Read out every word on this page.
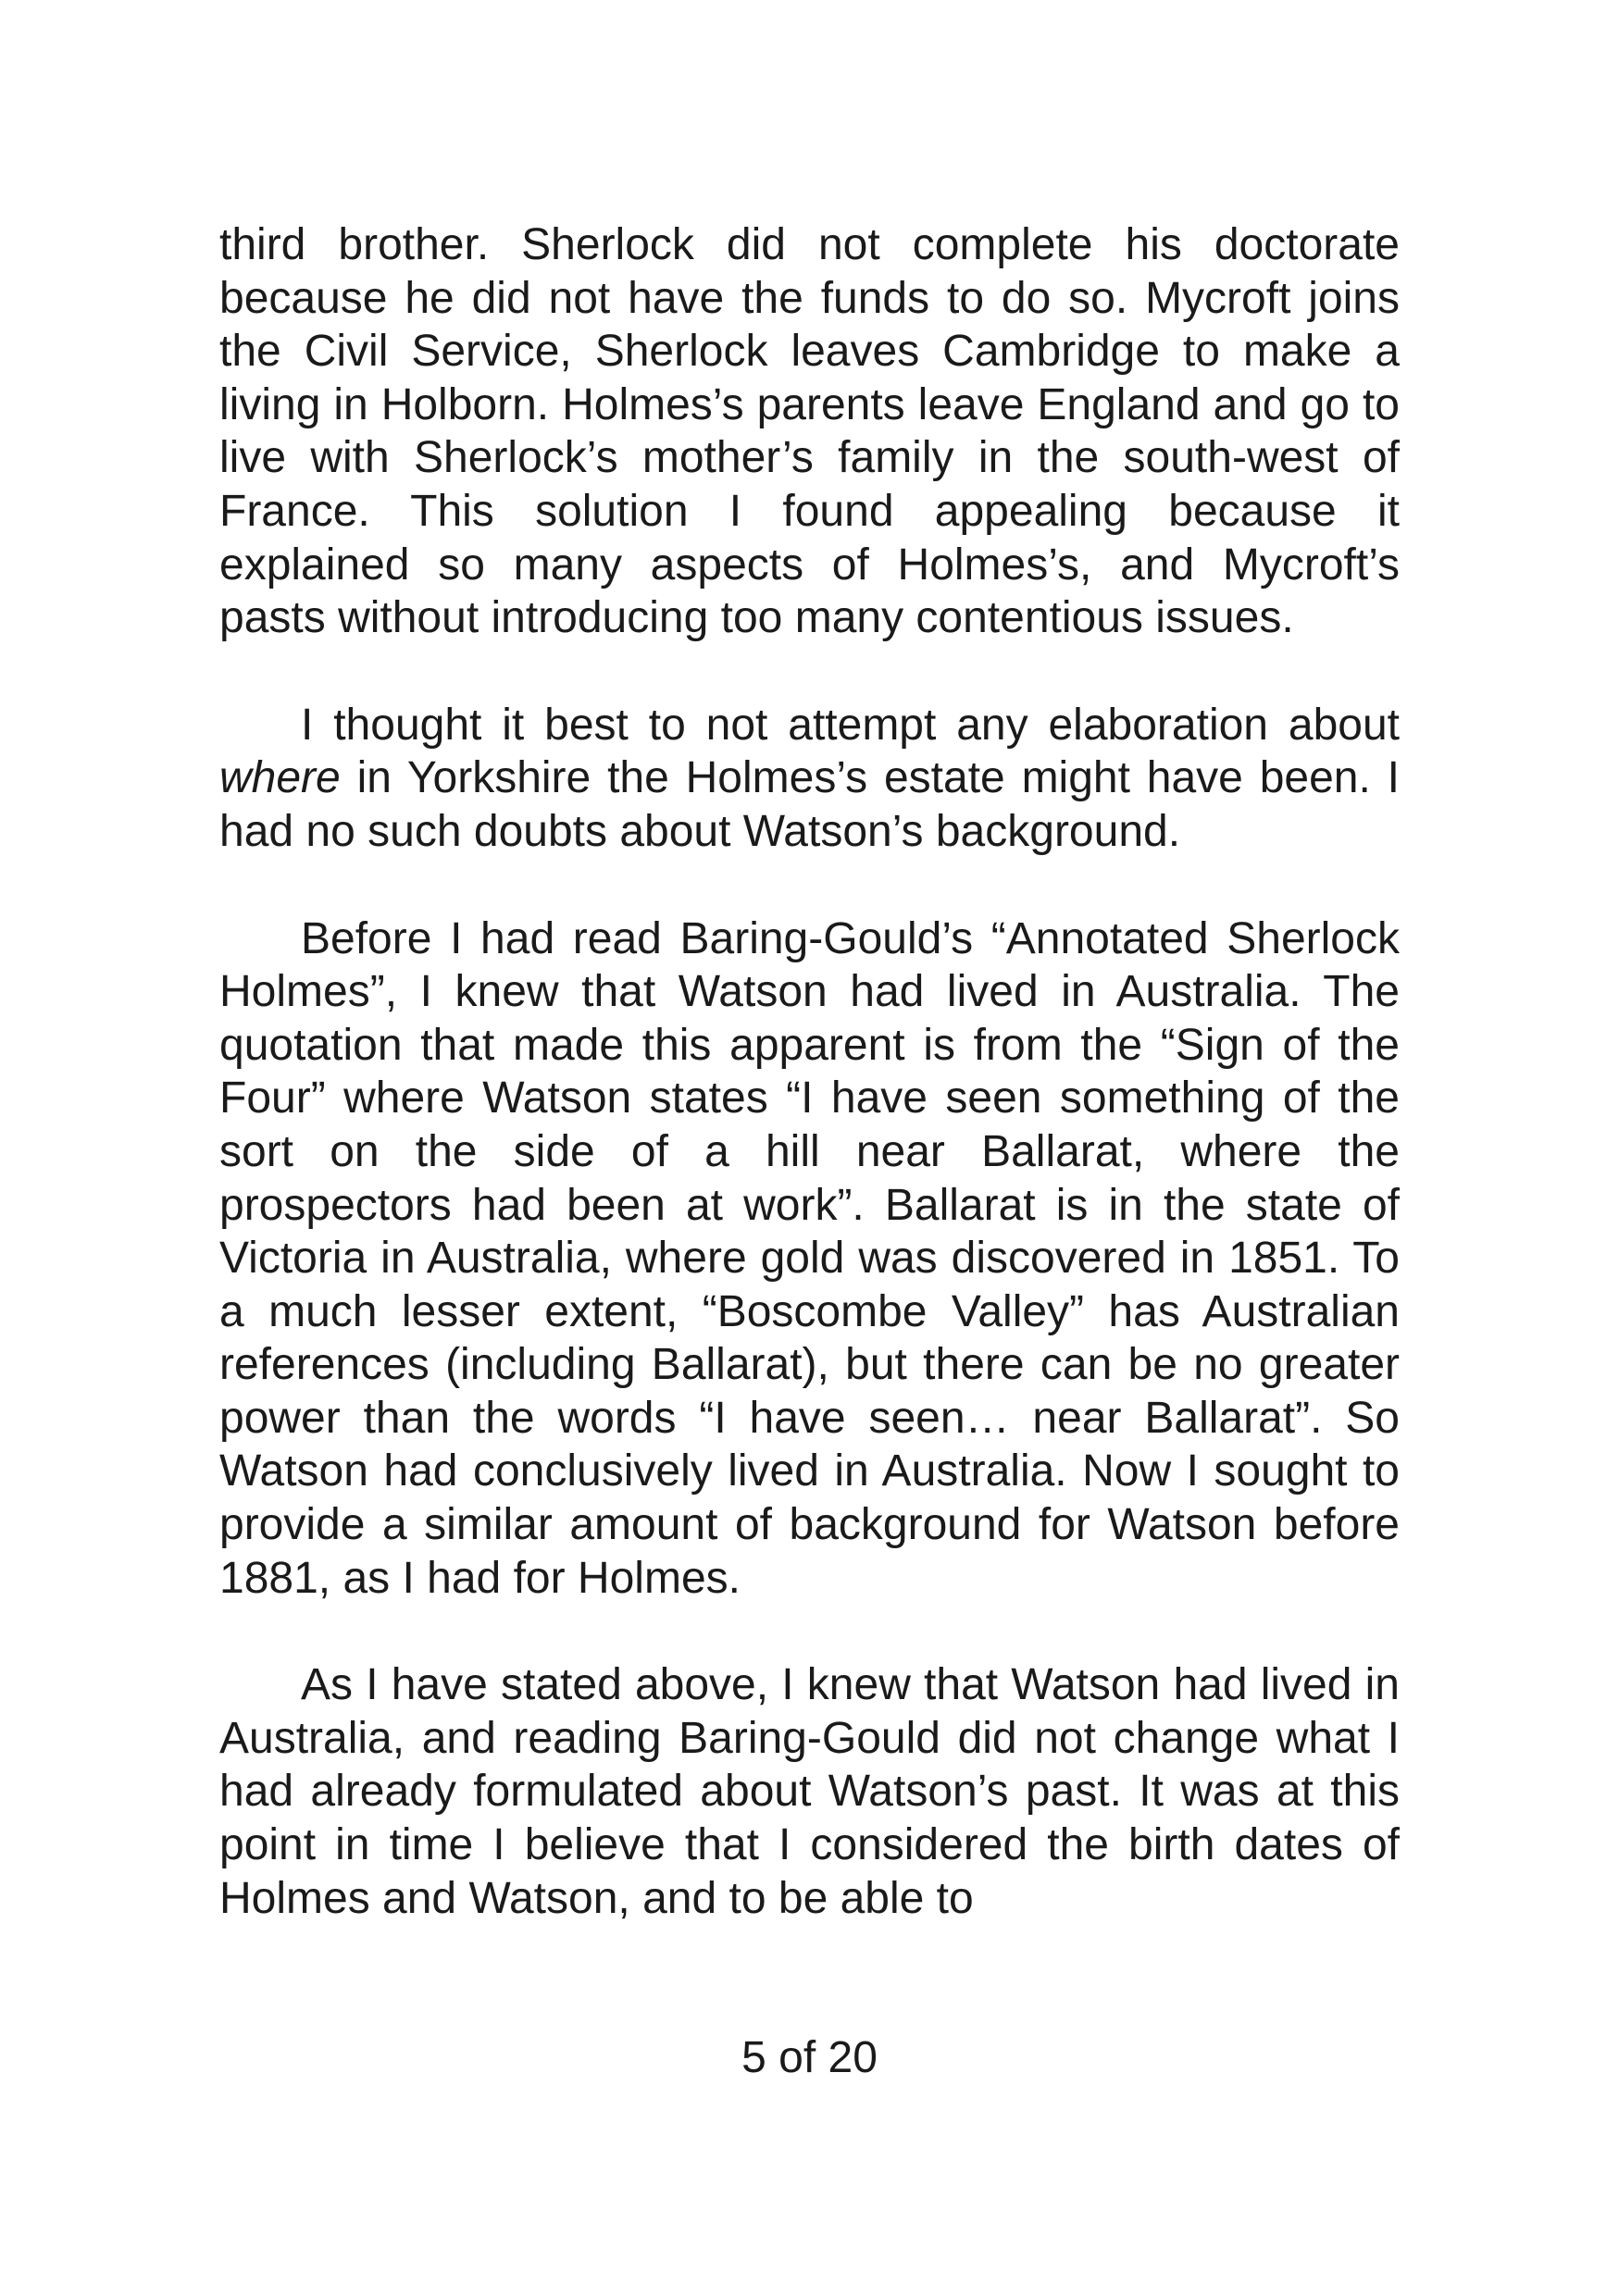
third brother. Sherlock did not complete his doctorate because he did not have the funds to do so. Mycroft joins the Civil Service, Sherlock leaves Cambridge to make a living in Holborn. Holmes’s parents leave England and go to live with Sherlock’s mother’s family in the south-west of France. This solution I found appealing because it explained so many aspects of Holmes’s, and Mycroft’s pasts without introducing too many contentious issues.

I thought it best to not attempt any elaboration about where in Yorkshire the Holmes’s estate might have been. I had no such doubts about Watson’s background.

Before I had read Baring-Gould’s “Annotated Sherlock Holmes”, I knew that Watson had lived in Australia. The quotation that made this apparent is from the “Sign of the Four” where Watson states “I have seen something of the sort on the side of a hill near Ballarat, where the prospectors had been at work”. Ballarat is in the state of Victoria in Australia, where gold was discovered in 1851. To a much lesser extent, “Boscombe Valley” has Australian references (including Ballarat), but there can be no greater power than the words “I have seen… near Ballarat”. So Watson had conclusively lived in Australia. Now I sought to provide a similar amount of background for Watson before 1881, as I had for Holmes.

As I have stated above, I knew that Watson had lived in Australia, and reading Baring-Gould did not change what I had already formulated about Watson’s past. It was at this point in time I believe that I considered the birth dates of Holmes and Watson, and to be able to

5 of 20
